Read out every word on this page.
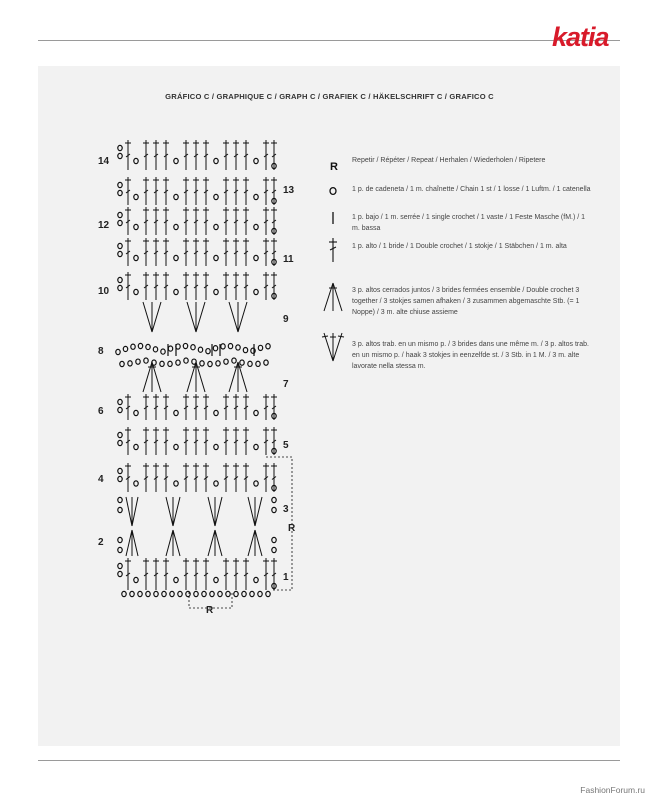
katia
GRÁFICO C / GRAPHIQUE C / GRAPH C / GRAFIEK C / HÄKELSCHRIFT C / GRAFICO C
14
12
10
8
6
4
2
13
11
9
7
5
3
1
R
R
R
Repetir / Répéter / Repeat / Herhalen / Wiederholen / Ripetere
1 p. de cadeneta / 1 m. chaînette / Chain 1 st / 1 losse / 1 Luftm. / 1 catenella
1 p. bajo / 1 m. serrée / 1 single crochet / 1 vaste / 1 Feste Masche (fM.) / 1 m. bassa
1 p. alto / 1 bride / 1 Double crochet / 1 stokje / 1 Stäbchen / 1 m. alta
3 p. altos cerrados juntos / 3 brides fermées ensemble / Double crochet 3 together / 3 stokjes samen afhaken / 3 zusammen abgemaschte Stb. (= 1 Noppe) / 3 m. alte chiuse assieme
3 p. altos trab. en un mismo p. / 3 brides dans une même m. / 3 p. altos trab. en un mismo p. / haak 3 stokjes in eenzelfde st. / 3 Stb. in 1 M. / 3 m. alte lavorate nella stessa m.
FashionForum.ru
